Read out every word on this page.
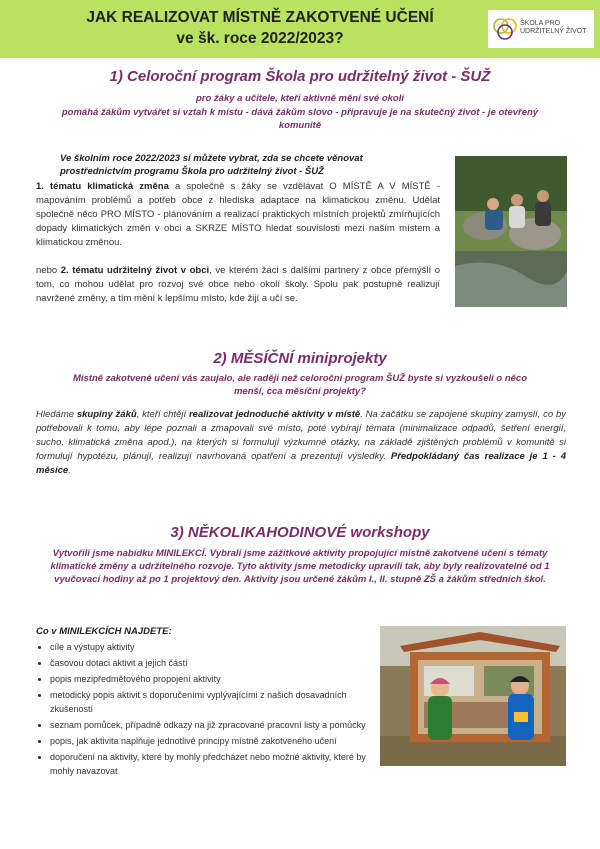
JAK REALIZOVAT MÍSTNĚ ZAKOTVENÉ UČENÍ
ve šk. roce 2022/2023?
ŠKOLA PRO
UDRŽITELNÝ ŽIVOT
1) Celoroční program Škola pro udržitelný život - ŠUŽ

pro žáky a učitele, kteří aktivně mění své okolí

pomáhá žákům vytvářet si vztah k místu - dává žákům slovo - připravuje je na skutečný život - je otevřený komunitě

Ve školním roce 2022/2023 si můžete vybrat, zda se chcete věnovat prostřednictvím programu Škola pro udržitelný život - ŠUŽ

1. tématu klimatická změna a společně s žáky se vzdělávat O MÍSTĚ A V MÍSTĚ - mapováním problémů a potřeb obce z hlediska adaptace na klimatickou změnu. Udělat společně něco PRO MÍSTO - plánováním a realizací praktických místních projektů zmírňujících dopady klimatických změn v obci a SKRZE MÍSTO hledat souvislosti mezi naším místem a klimatickou změnou.

nebo 2. tématu udržitelný život v obci, ve kterém žáci s dalšími partnery z obce přemýšlí o tom, co mohou udělat pro rozvoj své obce nebo okolí školy. Spolu pak postupně realizují navržené změny, a tím mění k lepšímu místo, kde žijí a učí se.

2) MĚSÍČNÍ miniprojekty

Místně zakotvené učení vás zaujalo, ale raději než celoroční program ŠUŽ byste si vyzkoušeli o něco menší, cca měsíční projekty?

Hledáme skupiny žáků, kteří chtějí realizovat jednoduché aktivity v místě. Na začátku se zapojené skupiny zamyslí, co by potřebovali k tomu, aby lépe poznali a zmapovali své místo, poté vybírají témata (minimalizace odpadů, šetření energií, sucho, klimatická změna apod.), na kterých si formulují výzkumné otázky, na základě zjištěných problémů v komunitě si formulují hypotézu, plánují, realizují navrhovaná opatření a prezentují výsledky. Předpokládaný čas realizace je 1 - 4 měsíce.

3) NĚKOLIKAHODINOVÉ workshopy

Vytvořili jsme nabídku MINILEKCÍ. Vybrali jsme zážitkové aktivity propojující místně zakotvené učení s tématy klimatické změny a udržitelného rozvoje. Tyto aktivity jsme metodicky upravili tak, aby byly realizovatelné od 1 vyučovací hodiny až po 1 projektový den. Aktivity jsou určené žákům I., II. stupně ZŠ a žákům středních škol.

Co v MINILEKCÍCH NAJDETE:
• cíle a výstupy aktivity
• časovou dotaci aktivit a jejich částí
• popis mezipředmětového propojení aktivity
• metodický popis aktivit s doporučeními vyplývajícími z našich dosavadních zkušeností
• seznam pomůcek, případně odkazy na již zpracované pracovní listy a pomůcky
• popis, jak aktivita naplňuje jednotlivé principy místně zakotveného učení
• doporučení na aktivity, které by mohly předcházet nebo možné aktivity, které by mohly navazovat
